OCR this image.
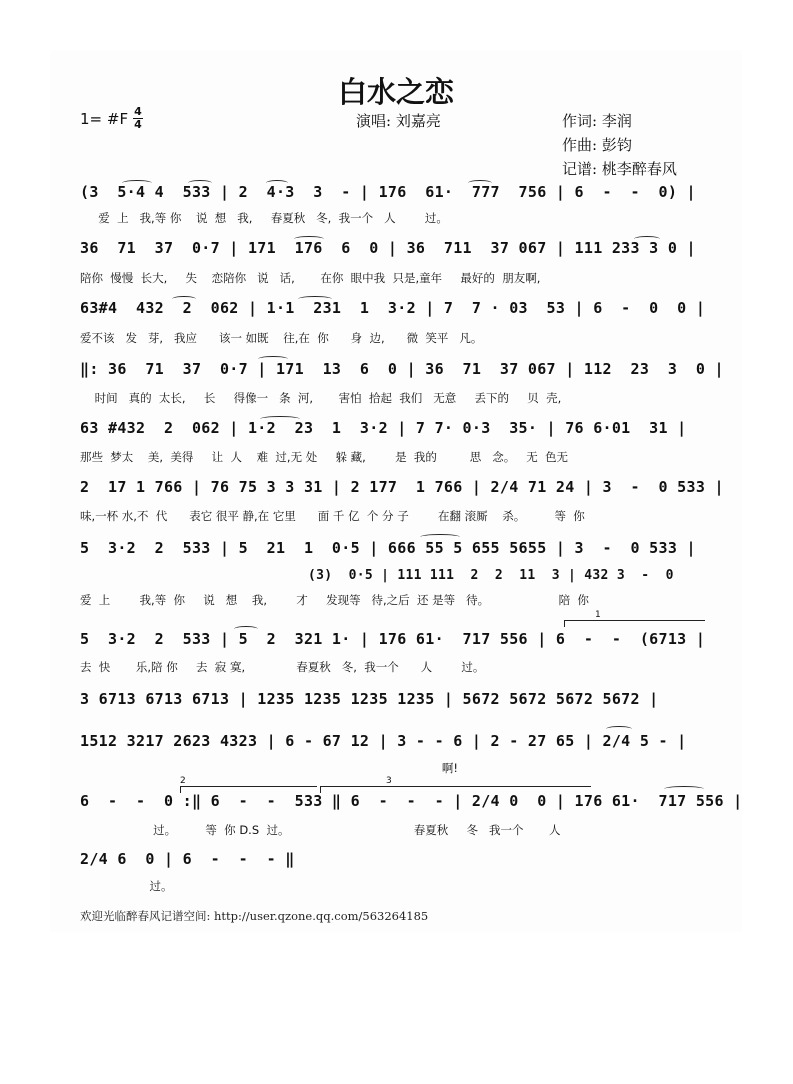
白水之恋
1= #F 4
4	演唱: 刘嘉亮	作词: 李润
作曲: 彭钧
记谱: 桃李醉春风
(3  5·4 4  533 | 2  4·3  3  - | 176  61·  777  756 | 6  -  -  0) |
爱  上   我,等 你    说  想   我,     春夏秋   冬,  我一个   人        过。
36  71  37  0·7 | 171  176  6  0 | 36  711  37 067 | 111 233 3 0 |
陪你  慢慢  长大,     失    恋陪你   说   话,       在你  眼中我  只是,童年     最好的  朋友啊,
63#4  432  2  062 | 1·1  231  1  3·2 | 7  7 · 03  53 | 6  -  0  0 |
爱不该   发   芽,   我应      该一 如既    往,在  你      身  边,      微  笑平   凡。
‖: 36  71  37  0·7 | 171  13  6  0 | 36  71  37 067 | 112  23  3  0 |
时间   真的  太长,     长     得像一   条  河,       害怕  拾起  我们   无意     丢下的     贝  壳,
63 #432  2  062 | 1·2  23  1  3·2 | 7 7· 0·3  35· | 76 6·01  31 |
那些  梦太    美,  美得     让  人    难  过,无 处     躲 藏,        是  我的         思   念。   无  色无
2  17 1 766 | 76 75 3 3 31 | 2 177  1 766 | 2/4 71 24 | 3  -  0 533 |
味,一杯 水,不  代      表它 很平 静,在 它里      面 千 亿  个 分 子        在翻 滚厮    杀。        等  你
5  3·2  2  533 | 5  21  1  0·5 | 666 55 5 655 5655 | 3  -  0 533 |
(3)  0·5 | 111 111  2  2  11  3 | 432 3  -  0
爱  上        我,等  你     说   想    我,        才     发现等   待,之后  还 是等   待。                   陪  你
5  3·2  2  533 | 5  2  321 1· | 176 61·  717 556 | 6  -  -  (6713 |
去  快       乐,陪 你     去  寂 寞,              春夏秋   冬,  我一个      人        过。
3 6713 6713 6713 | 1235 1235 1235 1235 | 5672 5672 5672 5672 |
1512 3217 2623 4323 | 6 - 67 12 | 3 - - 6 | 2 - 27 65 | 2/4 5 - |
啊!
2	3
1
6  -  -  0 :‖ 6  -  -  533 ‖ 6  -  -  - | 2/4 0  0 | 176 61·  717 556 |
过。        等  你 D.S  过。                                  春夏秋     冬   我一个       人
2/4 6  0 | 6  -  -  - ‖
过。
欢迎光临醉春风记谱空间: http://user.qzone.qq.com/563264185
